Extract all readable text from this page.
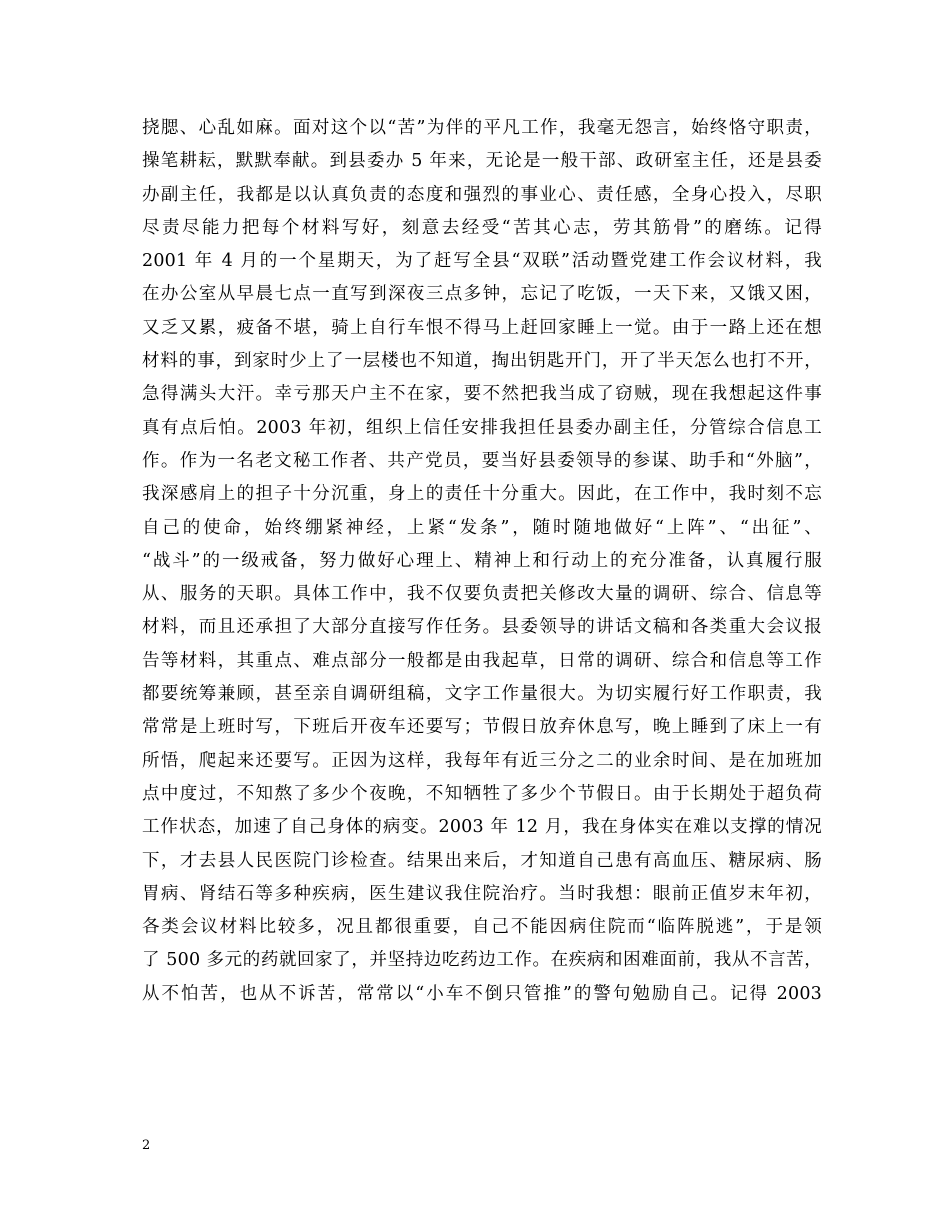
挠腮、心乱如麻。面对这个以“苦”为伴的平凡工作，我毫无怨言，始终恪守职责，
操笔耕耘，默默奉献。到县委办 5 年来，无论是一般干部、政研室主任，还是县委
办副主任，我都是以认真负责的态度和强烈的事业心、责任感，全身心投入，尽职
尽责尽能力把每个材料写好，刻意去经受“苦其心志，劳其筋骨”的磨练。记得
2001 年 4 月的一个星期天，为了赶写全县“双联”活动暨党建工作会议材料，我
在办公室从早晨七点一直写到深夜三点多钟，忘记了吃饭，一天下来，又饿又困，
又乏又累，疲备不堪，骑上自行车恨不得马上赶回家睡上一觉。由于一路上还在想
材料的事，到家时少上了一层楼也不知道，掏出钥匙开门，开了半天怎么也打不开，
急得满头大汗。幸亏那天户主不在家，要不然把我当成了窃贼，现在我想起这件事
真有点后怕。2003 年初，组织上信任安排我担任县委办副主任，分管综合信息工
作。作为一名老文秘工作者、共产党员，要当好县委领导的参谋、助手和“外脑”，
我深感肩上的担子十分沉重，身上的责任十分重大。因此，在工作中，我时刻不忘
自己的使命，始终绷紧神经，上紧“发条”，随时随地做好“上阵”、“出征”、
“战斗”的一级戒备，努力做好心理上、精神上和行动上的充分准备，认真履行服
从、服务的天职。具体工作中，我不仅要负责把关修改大量的调研、综合、信息等
材料，而且还承担了大部分直接写作任务。县委领导的讲话文稿和各类重大会议报
告等材料，其重点、难点部分一般都是由我起草，日常的调研、综合和信息等工作
都要统筹兼顾，甚至亲自调研组稿，文字工作量很大。为切实履行好工作职责，我
常常是上班时写，下班后开夜车还要写；节假日放弃休息写，晚上睡到了床上一有
所悟，爬起来还要写。正因为这样，我每年有近三分之二的业余时间、是在加班加
点中度过，不知熬了多少个夜晚，不知牺牲了多少个节假日。由于长期处于超负荷
工作状态，加速了自己身体的病变。2003 年 12 月，我在身体实在难以支撑的情况
下，才去县人民医院门诊检查。结果出来后，才知道自己患有高血压、糖尿病、肠
胃病、肾结石等多种疾病，医生建议我住院治疗。当时我想：眼前正值岁末年初，
各类会议材料比较多，况且都很重要，自己不能因病住院而“临阵脱逃”，于是领
了 500 多元的药就回家了，并坚持边吃药边工作。在疾病和困难面前，我从不言苦，
从不怕苦，也从不诉苦，常常以“小车不倒只管推”的警句勉励自己。记得 2003
2
